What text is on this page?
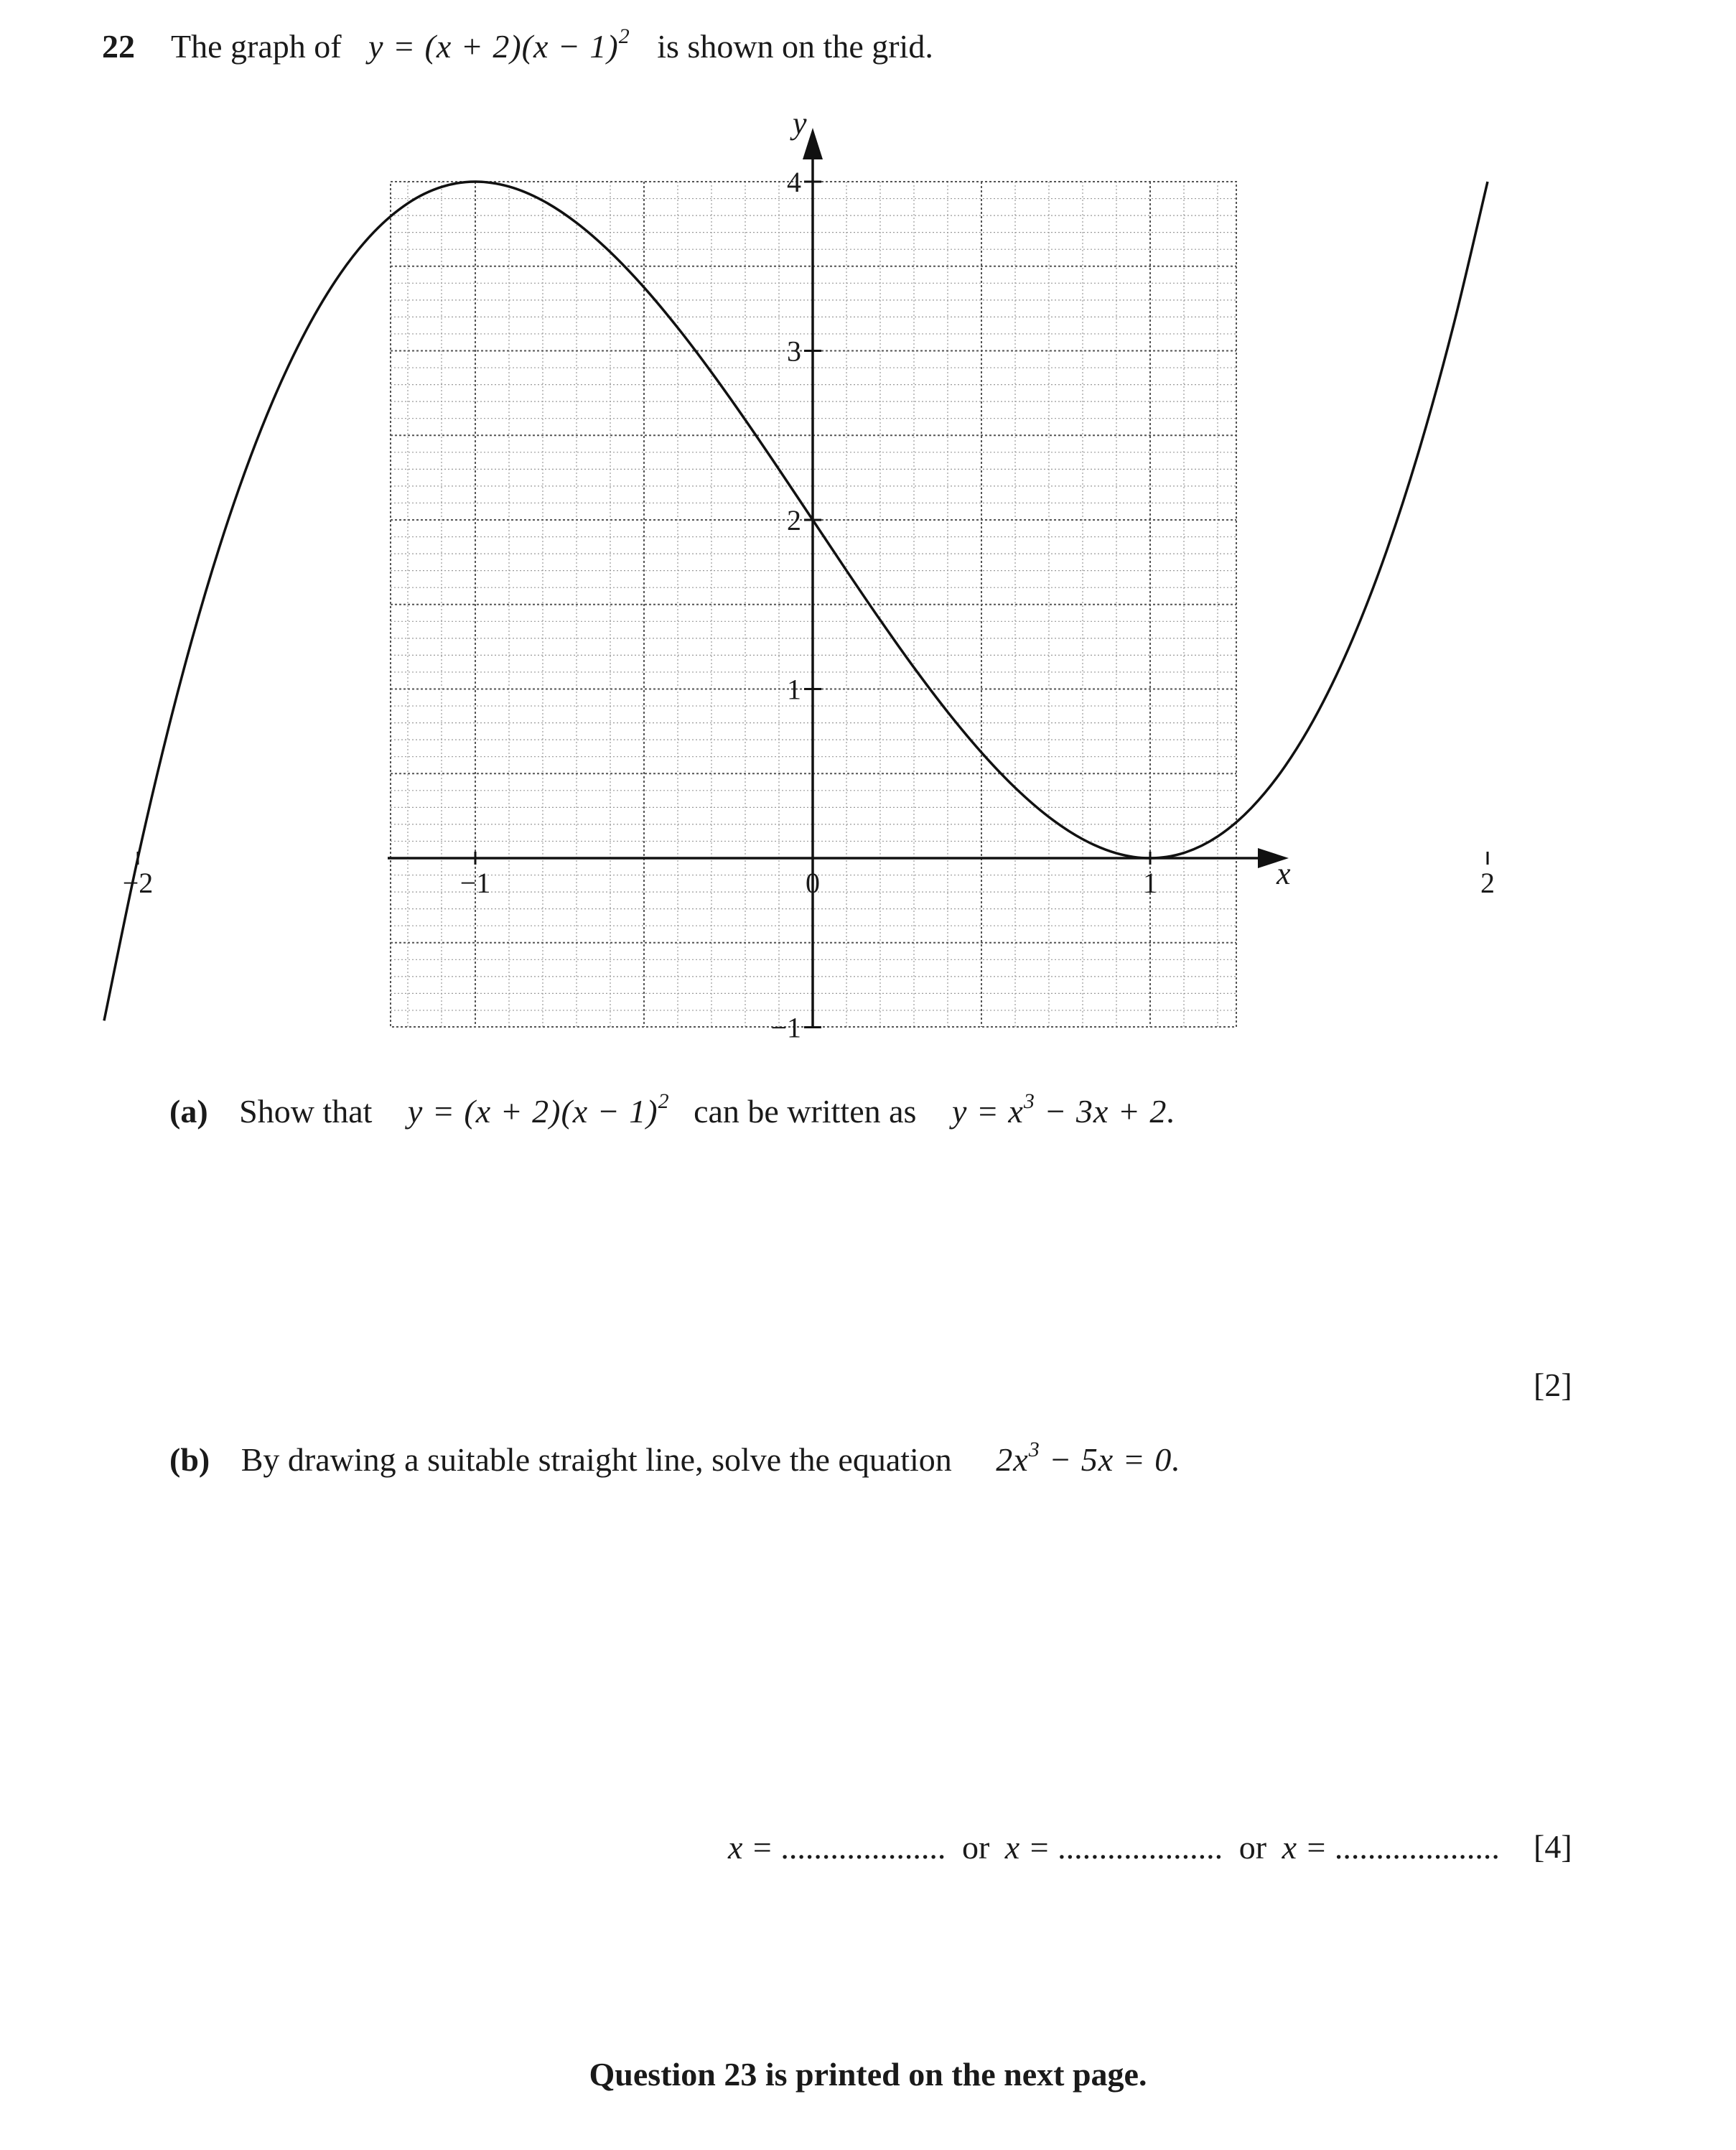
22 The graph of $y = (x + 2)(x - 1)^2$ is shown on the grid.
−2	−1	0	1	2
−1
1
2
3
4
x
y
(a) Show that $y = (x + 2)(x - 1)^2$ can be written as $y = x^3 - 3x + 2$.
[2]
(b) By drawing a suitable straight line, solve the equation $2x^3 - 5x = 0$.
x = .................... or x = .................... or x = .................... [4]
Question 23 is printed on the next page.
